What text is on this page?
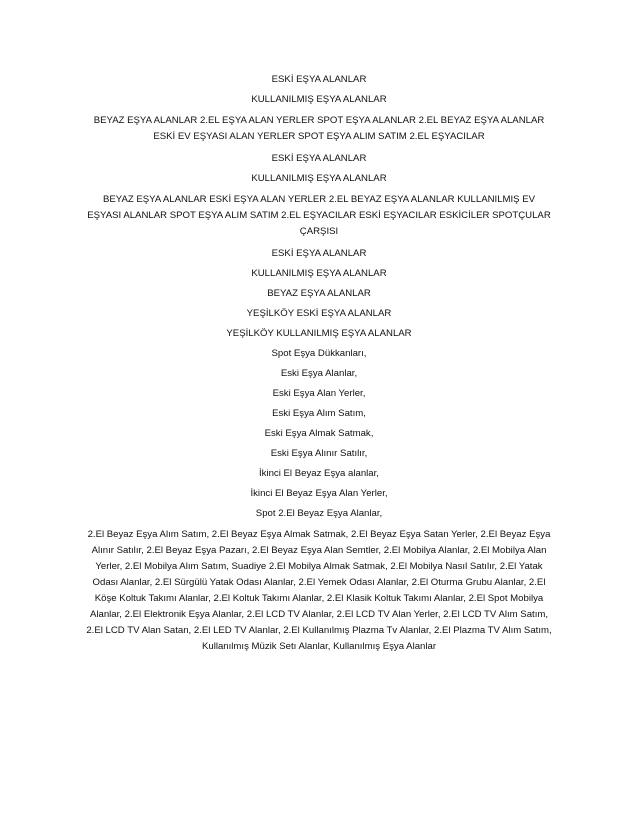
ESKİ EŞYA ALANLAR

KULLANILMIŞ EŞYA ALANLAR

BEYAZ EŞYA ALANLAR 2.EL EŞYA ALAN YERLER SPOT EŞYA ALANLAR 2.EL BEYAZ EŞYA ALANLAR ESKİ EV EŞYASI ALAN YERLER SPOT EŞYA ALIM SATIM 2.EL EŞYACILAR

ESKİ EŞYA ALANLAR

KULLANILMIŞ EŞYA ALANLAR

BEYAZ EŞYA ALANLAR ESKİ EŞYA ALAN YERLER 2.EL BEYAZ EŞYA ALANLAR KULLANILMIŞ EV EŞYASI ALANLAR SPOT EŞYA ALIM SATIM 2.EL EŞYACILAR ESKİ EŞYACILAR ESKİCİLER SPOTÇULAR ÇARŞISI

ESKİ EŞYA ALANLAR

KULLANILMIŞ EŞYA ALANLAR

BEYAZ EŞYA ALANLAR

YEŞİLKÖY ESKİ EŞYA ALANLAR

YEŞİLKÖY KULLANILMIŞ EŞYA ALANLAR

Spot Eşya Dükkanları,

Eski Eşya Alanlar,

Eski Eşya Alan Yerler,

Eski Eşya Alım Satım,

Eski Eşya Almak Satmak,

Eski Eşya Alınır Satılır,

İkinci El Beyaz Eşya alanlar,

İkinci El Beyaz Eşya Alan Yerler,

Spot 2.El Beyaz Eşya Alanlar,

2.El Beyaz Eşya Alım Satım, 2.El Beyaz Eşya Almak Satmak, 2.El Beyaz Eşya Satan Yerler, 2.El Beyaz Eşya Alınır Satılır, 2.El Beyaz Eşya Pazarı, 2.El Beyaz Eşya Alan Semtler, 2.El Mobilya Alanlar, 2.El Mobilya Alan Yerler, 2.El Mobilya Alım Satım, Suadiye 2.El Mobilya Almak Satmak, 2.El Mobilya Nasıl Satılır, 2.El Yatak Odası Alanlar, 2.El Sürgülü Yatak Odası Alanlar, 2.El Yemek Odası Alanlar, 2.El Oturma Grubu Alanlar, 2.El Köşe Koltuk Takımı Alanlar, 2.El Koltuk Takımı Alanlar, 2.El Klasik Koltuk Takımı Alanlar, 2.El Spot Mobilya Alanlar, 2.El Elektronik Eşya Alanlar, 2.El LCD TV Alanlar, 2.El LCD TV Alan Yerler, 2.El LCD TV Alım Satım, 2.El LCD TV Alan Satan, 2.El LED TV Alanlar, 2.El Kullanılmış Plazma Tv Alanlar, 2.El Plazma TV Alım Satım, Kullanılmış Müzik Setı Alanlar, Kullanılmış Eşya Alanlar
